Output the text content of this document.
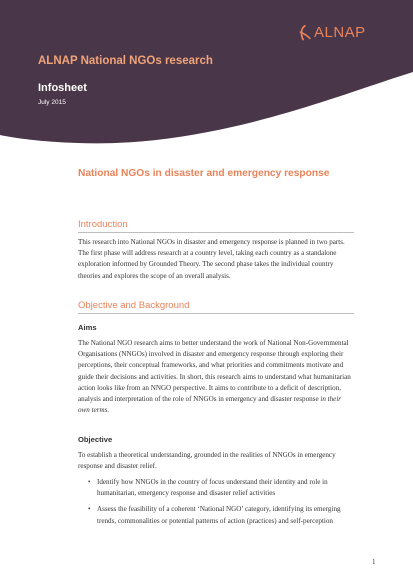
ALNAP
ALNAP National NGOs research
Infosheet
July 2015
National NGOs in disaster and emergency response
Introduction

This research into National NGOs in disaster and emergency response is planned in two parts. The first phase will address research at a country level, taking each country as a standalone exploration informed by Grounded Theory. The second phase takes the individual country theories and explores the scope of an overall analysis.

Objective and Background
Aims

The National NGO research aims to better understand the work of National Non-Governmental Organisations (NNGOs) involved in disaster and emergency response through exploring their perceptions, their conceptual frameworks, and what priorities and commitments motivate and guide their decisions and activities. In short, this research aims to understand what humanitarian action looks like from an NNGO perspective. It aims to contribute to a deficit of description, analysis and interpretation of the role of NNGOs in emergency and disaster response in their own terms.

Objective

To establish a theoretical understanding, grounded in the realities of NNGOs in emergency response and disaster relief.

• Identify how NNGOs in the country of focus understand their identity and role in humanitarian, emergency response and disaster relief activities
• Assess the feasibility of a coherent ‘National NGO’ category, identifying its emerging trends, commonalities or potential patterns of action (practices) and self-perception
1
